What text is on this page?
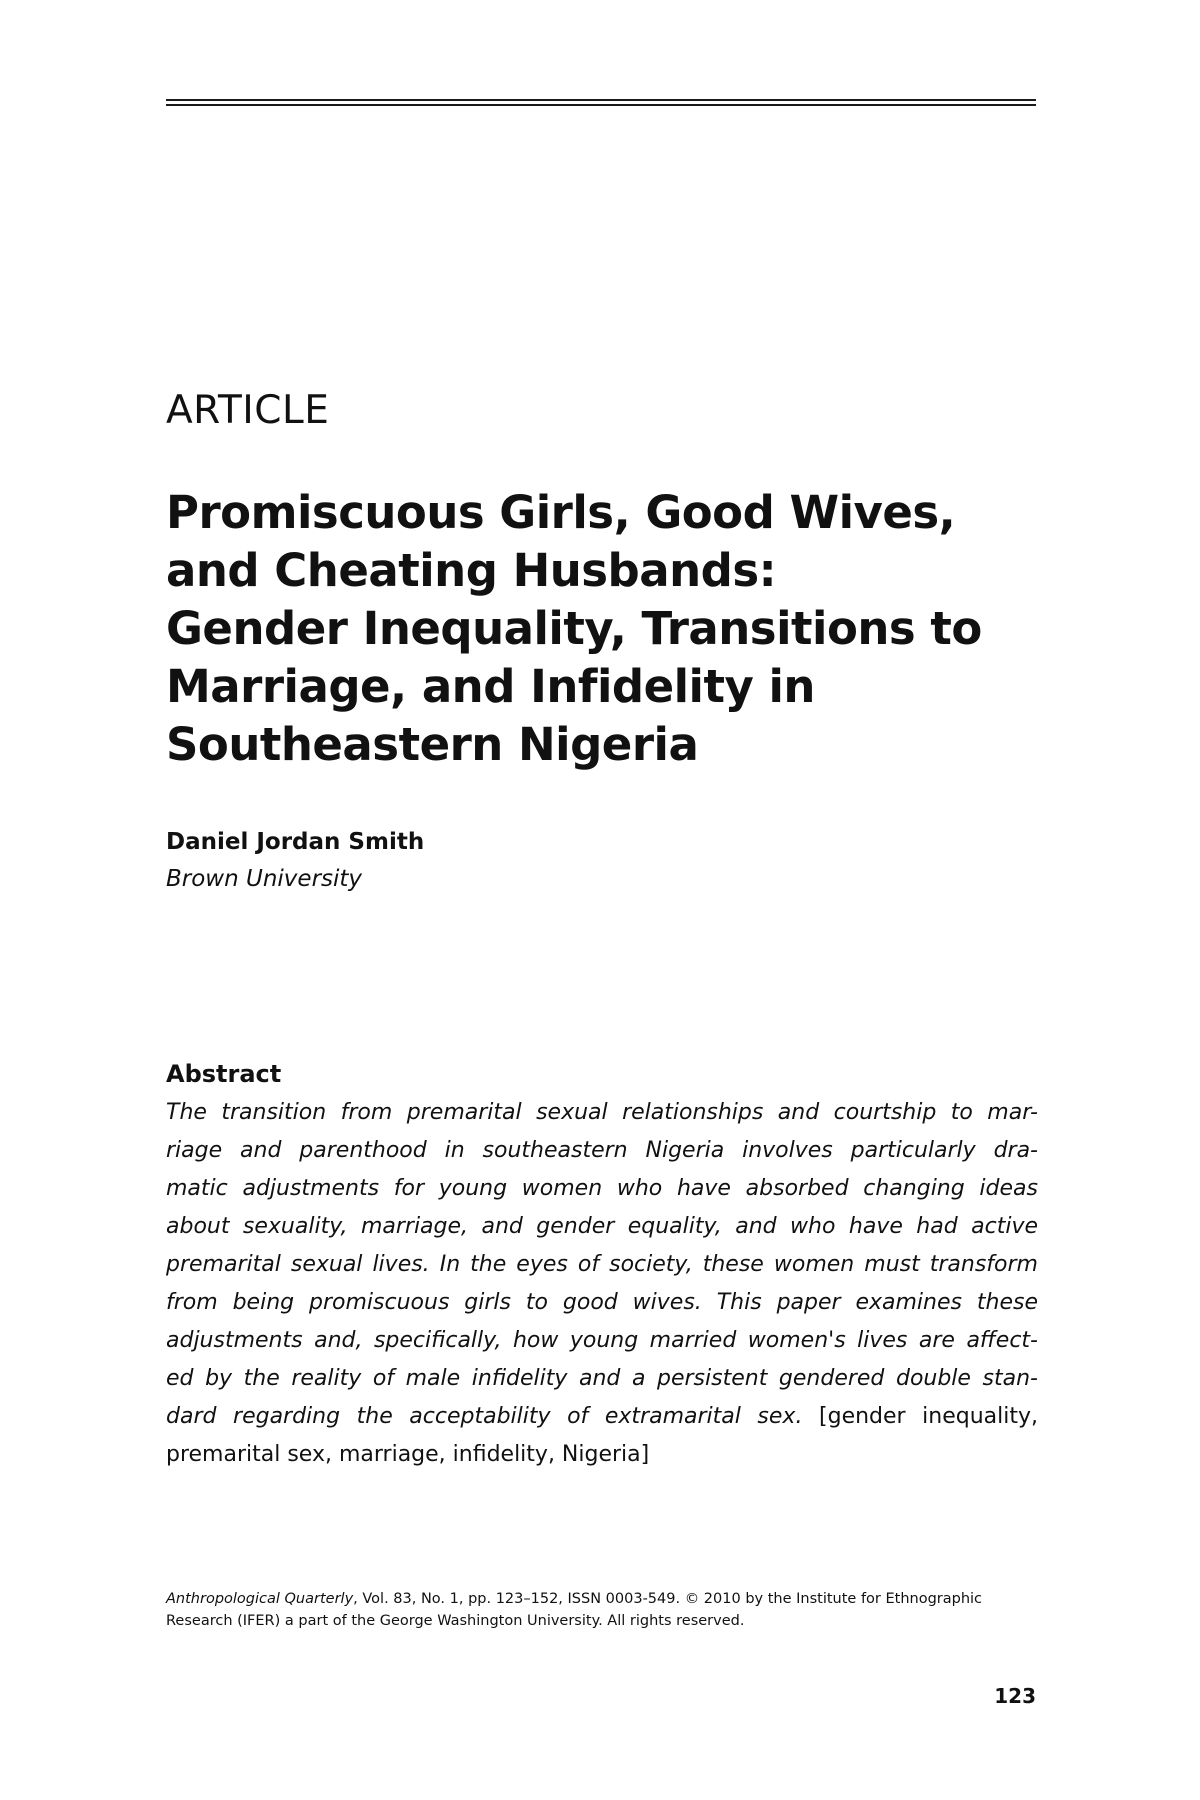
ARTICLE

Promiscuous Girls, Good Wives,
and Cheating Husbands:
Gender Inequality, Transitions to
Marriage, and Infidelity in
Southeastern Nigeria

Daniel Jordan Smith

Brown University

Abstract
The transition from premarital sexual relationships and courtship to mar-
riage and parenthood in southeastern Nigeria involves particularly dra-
matic adjustments for young women who have absorbed changing ideas
about sexuality, marriage, and gender equality, and who have had active
premarital sexual lives. In the eyes of society, these women must transform
from being promiscuous girls to good wives. This paper examines these
adjustments and, specifically, how young married women's lives are affect-
ed by the reality of male infidelity and a persistent gendered double stan-
dard regarding the acceptability of extramarital sex. [gender inequality,
premarital sex, marriage, infidelity, Nigeria]
Anthropological Quarterly, Vol. 83, No. 1, pp. 123–152, ISSN 0003-549. © 2010 by the Institute for Ethnographic
Research (IFER) a part of the George Washington University. All rights reserved.

123
